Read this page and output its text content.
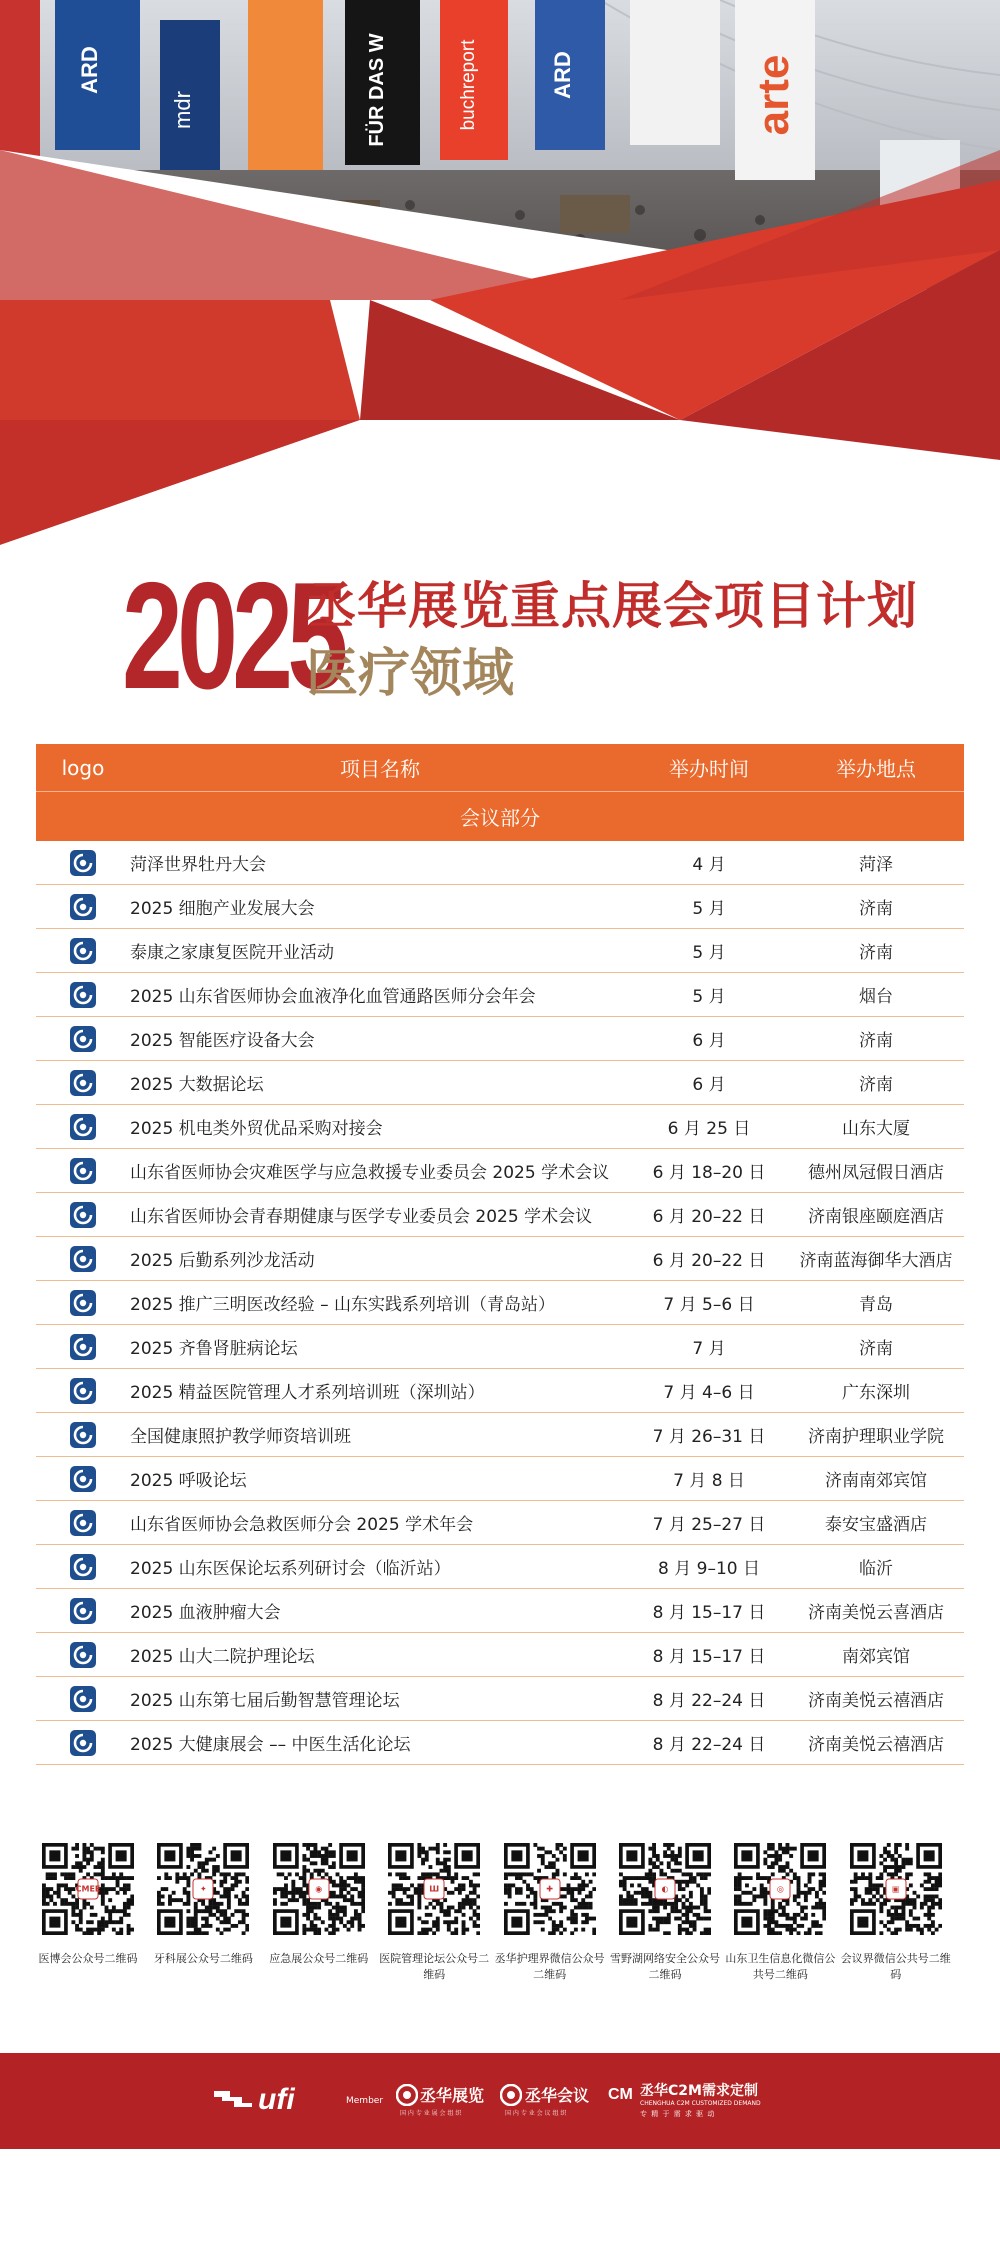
ARD
mdr	FÜR DAS W	buchreport	ARD	arte
2025
丞华展览重点展会项目计划
医疗领域
logo	项目名称	举办时间	举办地点
会议部分			
	菏泽世界牡丹大会	4 月	菏泽
	2025 细胞产业发展大会	5 月	济南
	泰康之家康复医院开业活动	5 月	济南
	2025 山东省医师协会血液净化血管通路医师分会年会	5 月	烟台
	2025 智能医疗设备大会	6 月	济南
	2025 大数据论坛	6 月	济南
	2025 机电类外贸优品采购对接会	6 月 25 日	山东大厦
	山东省医师协会灾难医学与应急救援专业委员会 2025 学术会议	6 月 18–20 日	德州凤冠假日酒店
	山东省医师协会青春期健康与医学专业委员会 2025 学术会议	6 月 20–22 日	济南银座颐庭酒店
	2025 后勤系列沙龙活动	6 月 20–22 日	济南蓝海御华大酒店
	2025 推广三明医改经验 – 山东实践系列培训（青岛站）	7 月 5–6 日	青岛
	2025 齐鲁肾脏病论坛	7 月	济南
	2025 精益医院管理人才系列培训班（深圳站）	7 月 4–6 日	广东深圳
	全国健康照护教学师资培训班	7 月 26–31 日	济南护理职业学院
	2025 呼吸论坛	7 月 8 日	济南南郊宾馆
	山东省医师协会急救医师分会 2025 学术年会	7 月 25–27 日	泰安宝盛酒店
	2025 山东医保论坛系列研讨会（临沂站）	8 月 9–10 日	临沂
	2025 血液肿瘤大会	8 月 15–17 日	济南美悦云喜酒店
	2025 山大二院护理论坛	8 月 15–17 日	南郊宾馆
	2025 山东第七届后勤智慧管理论坛	8 月 22–24 日	济南美悦云禧酒店
	2025 大健康展会 –– 中医生活化论坛	8 月 22–24 日	济南美悦云禧酒店
CMEE
医博会公众号二维码
✦
牙科展公众号二维码
◉
应急展公众号二维码
Ш
医院管理论坛公众号二维码
✚
丞华护理界微信公众号二维码
◐
雪野湖网络安全公众号二维码
◎
山东卫生信息化微信公共号二维码
▣
会议界微信公共号二维码
ufi	Member 丞华展览
国 内 专 业 展 会 组 织
丞华会议
国 内 专 业 会 议 组 织
CM 丞华C2M需求定制
CHENGHUA C2M CUSTOMIZED DEMAND
专 精 于 需 求 驱 动
